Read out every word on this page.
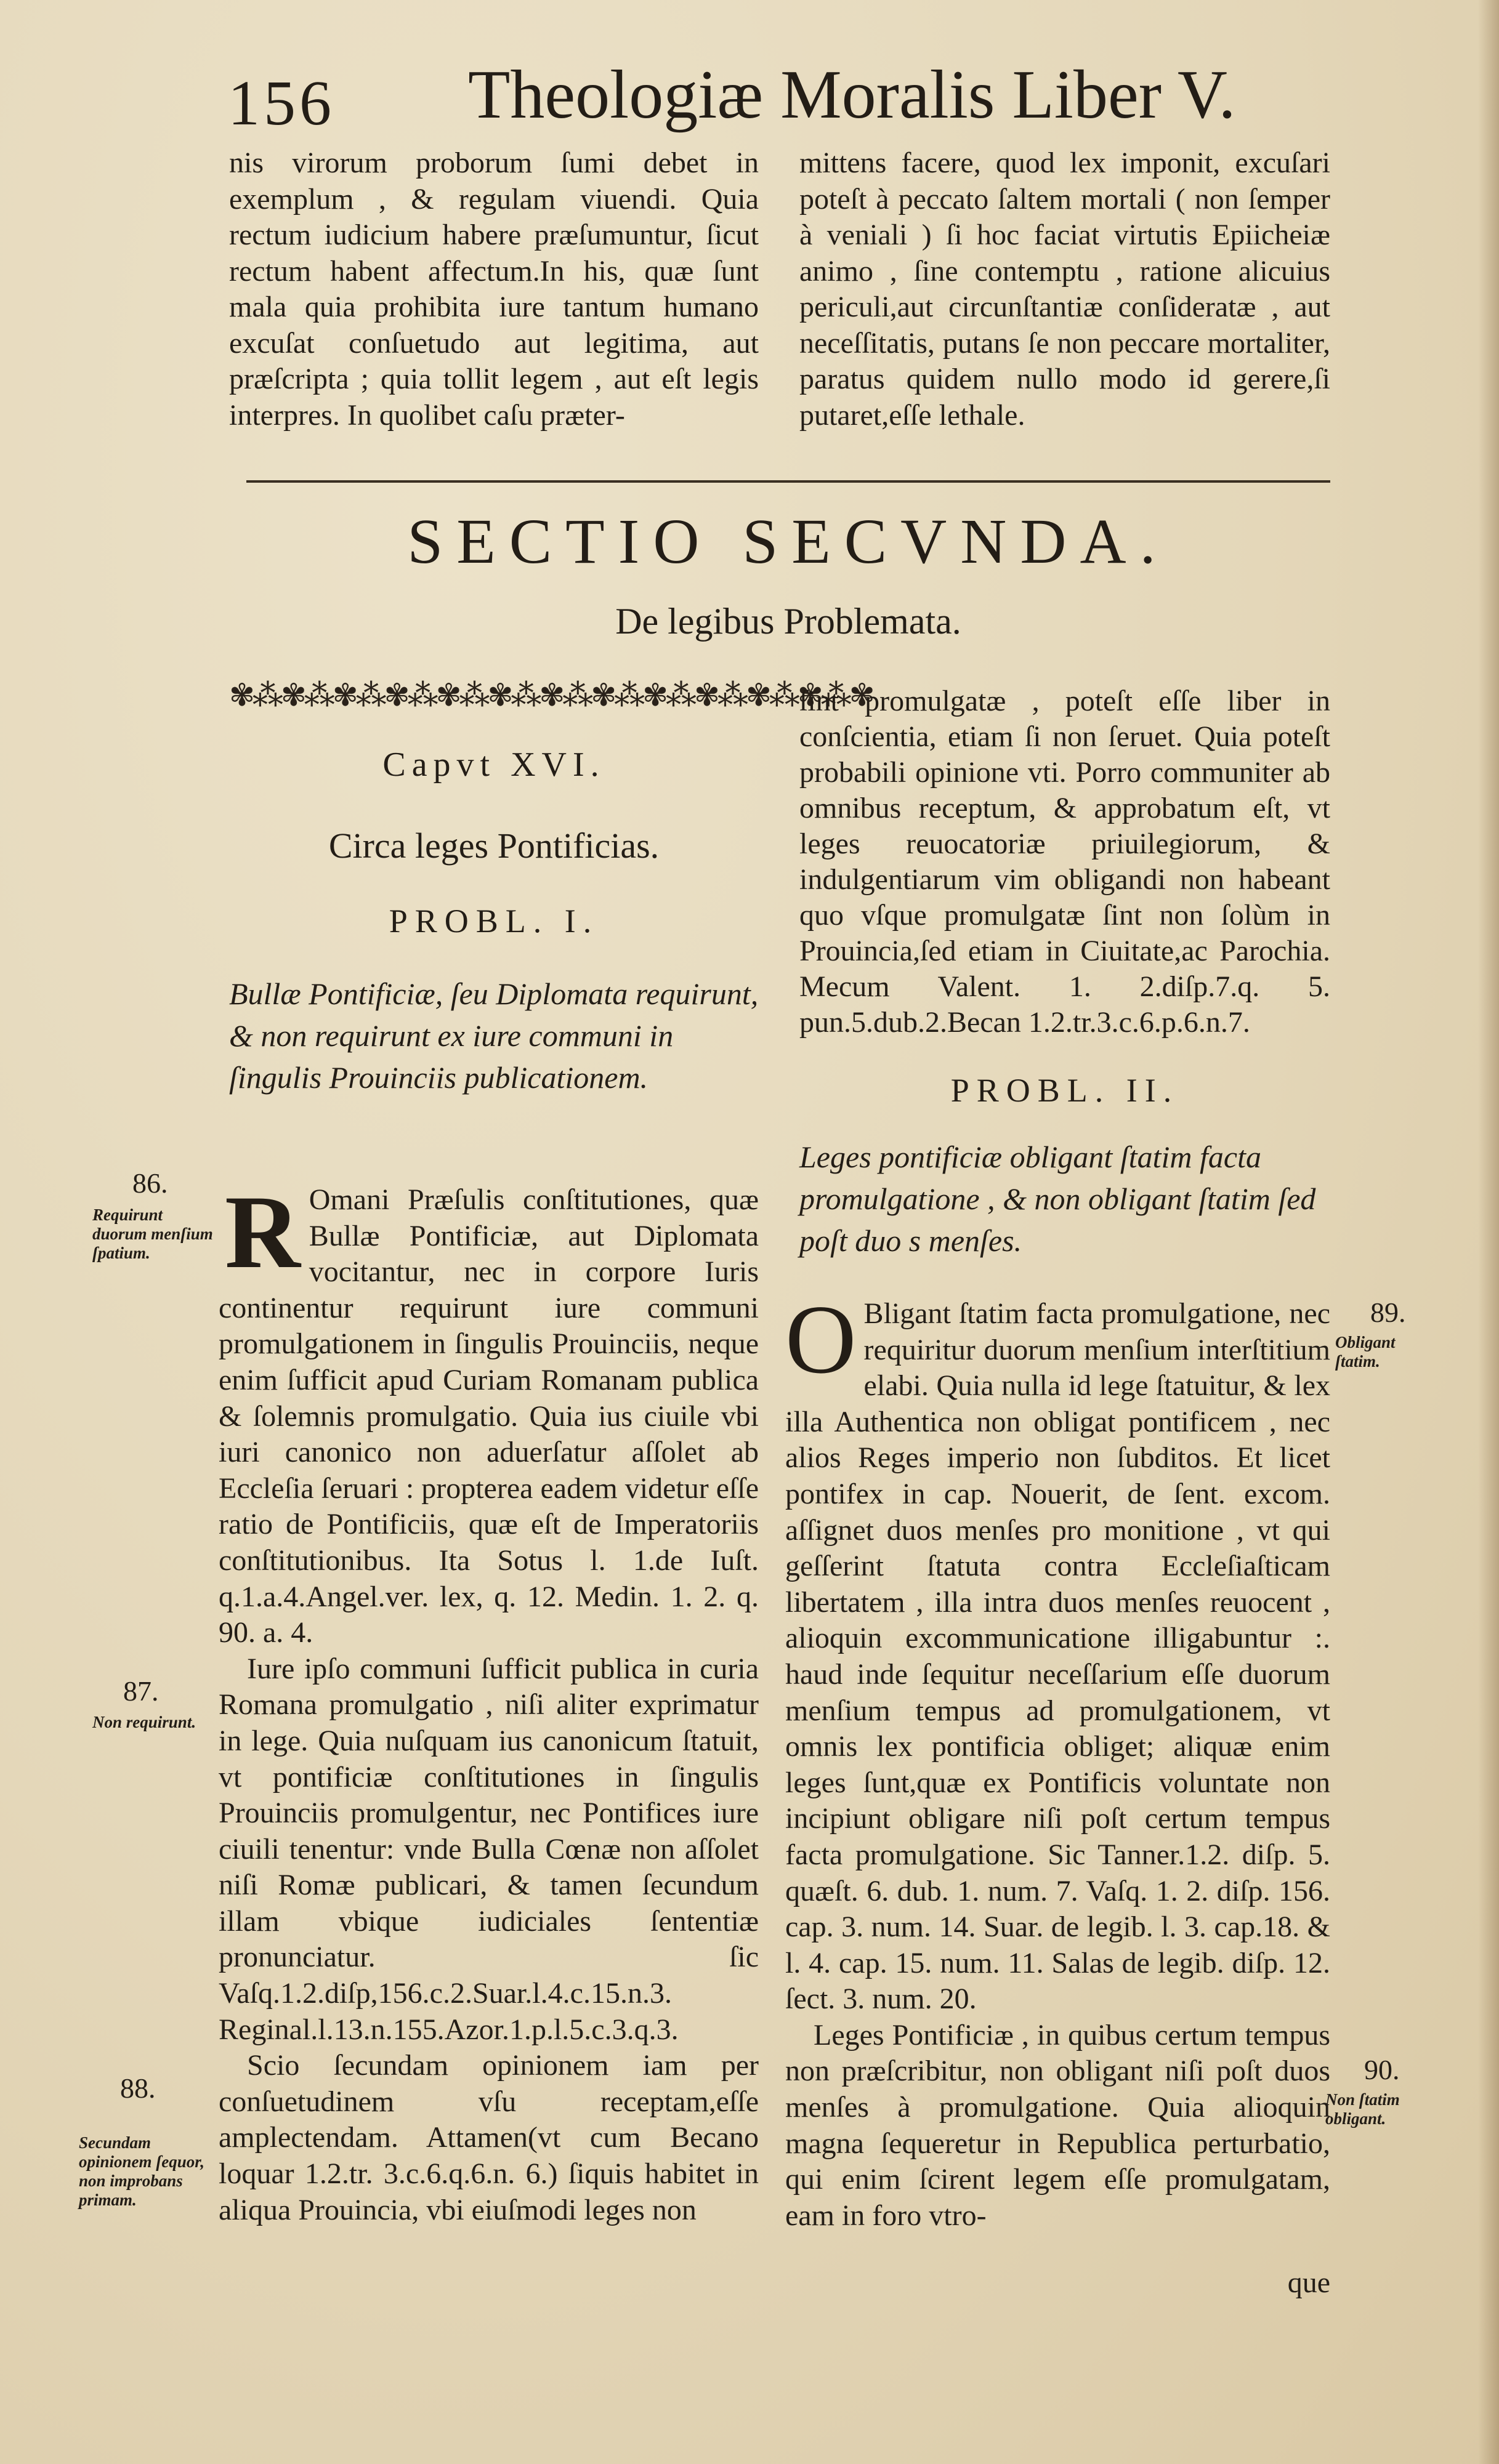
156 Theologiæ Moralis Liber V.

nis virorum proborum ſumi debet in exemplum , & regulam viuendi. Quia rectum iudicium habere præſumuntur, ſicut rectum habent affectum.In his, quæ ſunt mala quia prohibita iure tantum humano excuſat conſuetudo aut legitima, aut præſcripta ; quia tollit legem , aut eſt legis interpres. In quolibet caſu præter-

mittens facere, quod lex imponit, excuſari poteſt à peccato ſaltem mortali ( non ſemper à veniali ) ſi hoc faciat virtutis Epiicheiæ animo , ſine contemptu , ratione alicuius periculi,aut circunſtantiæ conſideratæ , aut neceſſitatis, putans ſe non peccare mortaliter, paratus quidem nullo modo id gerere,ſi putaret,eſſe lethale.

SECTIO SECVNDA.
De legibus Problemata.
✾⁂✾⁂✾⁂✾⁂✾⁂✾⁂✾⁂✾⁂✾⁂✾⁂✾⁂✾⁂✾
Capvt XVI.
Circa leges Pontificias.
PROBL. I.
Bullæ Pontificiæ, ſeu Diplomata requirunt, & non requirunt ex iure communi in ſingulis Prouinciis publicationem.
86.
Requirunt duorum menſium ſpatium.
87.
Non requirunt.
88.
Secundam opinionem ſequor, non improbans primam.
89.
Obligant ſtatim.
90.
Non ſtatim obligant.

R Omani Præſulis conſtitutiones, quæ Bullæ Pontificiæ, aut Diplomata vocitantur, nec in corpore Iuris continentur requirunt iure communi promulgationem in ſingulis Prouinciis, neque enim ſufficit apud Curiam Romanam publica & ſolemnis promulgatio. Quia ius ciuile vbi iuri canonico non aduerſatur aſſolet ab Eccleſia ſeruari : propterea eadem videtur eſſe ratio de Pontificiis, quæ eſt de Imperatoriis conſtitutionibus. Ita Sotus l. 1.de Iuſt. q.1.a.4.Angel.ver. lex, q. 12. Medin. 1. 2. q. 90. a. 4.

Iure ipſo communi ſufficit publica in curia Romana promulgatio , niſi aliter exprimatur in lege. Quia nuſquam ius canonicum ſtatuit, vt pontificiæ conſtitutiones in ſingulis Prouinciis promulgentur, nec Pontifices iure ciuili tenentur: vnde Bulla Cœnæ non aſſolet niſi Romæ publicari, & tamen ſecundum illam vbique iudiciales ſententiæ pronunciatur. ſic Vaſq.1.2.diſp,156.c.2.Suar.l.4.c.15.n.3. Reginal.l.13.n.155.Azor.1.p.l.5.c.3.q.3.

Scio ſecundam opinionem iam per conſuetudinem vſu receptam,eſſe amplectendam. Attamen(vt cum Becano loquar 1.2.tr. 3.c.6.q.6.n. 6.) ſiquis habitet in aliqua Prouincia, vbi eiuſmodi leges non

ſint promulgatæ , poteſt eſſe liber in conſcientia, etiam ſi non ſeruet. Quia poteſt probabili opinione vti. Porro communiter ab omnibus receptum, & approbatum eſt, vt leges reuocatoriæ priuilegiorum, & indulgentiarum vim obligandi non habeant quo vſque promulgatæ ſint non ſolùm in Prouincia,ſed etiam in Ciuitate,ac Parochia. Mecum Valent. 1. 2.diſp.7.q. 5. pun.5.dub.2.Becan 1.2.tr.3.c.6.p.6.n.7.

PROBL. II.
Leges pontificiæ obligant ſtatim facta promulgatione , & non obligant ſtatim ſed poſt duo s menſes.

O Bligant ſtatim facta promulgatione, nec requiritur duorum menſium interſtitium elabi. Quia nulla id lege ſtatuitur, & lex illa Authentica non obligat pontificem , nec alios Reges imperio non ſubditos. Et licet pontifex in cap. Nouerit, de ſent. excom. aſſignet duos menſes pro monitione , vt qui geſſerint ſtatuta contra Eccleſiaſticam libertatem , illa intra duos menſes reuocent , alioquin excommunicatione illigabuntur :. haud inde ſequitur neceſſarium eſſe duorum menſium tempus ad promulgationem, vt omnis lex pontificia obliget; aliquæ enim leges ſunt,quæ ex Pontificis voluntate non incipiunt obligare niſi poſt certum tempus facta promulgatione. Sic Tanner.1.2. diſp. 5. quæſt. 6. dub. 1. num. 7. Vaſq. 1. 2. diſp. 156. cap. 3. num. 14. Suar. de legib. l. 3. cap.18. & l. 4. cap. 15. num. 11. Salas de legib. diſp. 12. ſect. 3. num. 20.

Leges Pontificiæ , in quibus certum tempus non præſcribitur, non obligant niſi poſt duos menſes à promulgatione. Quia alioquin magna ſequeretur in Republica perturbatio, qui enim ſcirent legem eſſe promulgatam, eam in foro vtro-

que
